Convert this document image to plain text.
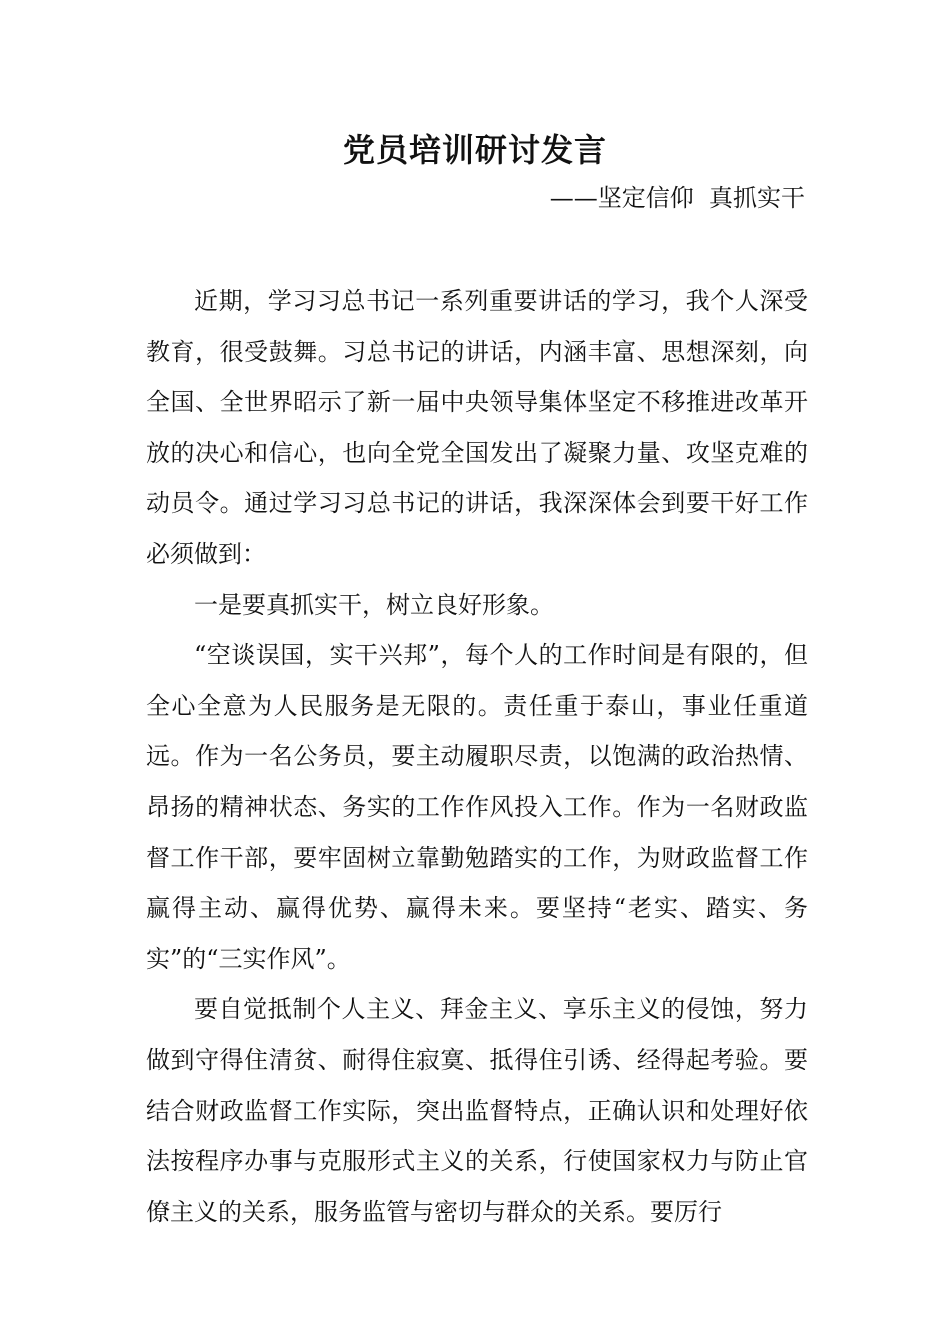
党员培训研讨发言
——坚定信仰  真抓实干

近期，学习习总书记一系列重要讲话的学习，我个人深受教育，很受鼓舞。习总书记的讲话，内涵丰富、思想深刻，向全国、全世界昭示了新一届中央领导集体坚定不移推进改革开放的决心和信心，也向全党全国发出了凝聚力量、攻坚克难的动员令。通过学习习总书记的讲话，我深深体会到要干好工作必须做到：

一是要真抓实干，树立良好形象。

“空谈误国，实干兴邦”，每个人的工作时间是有限的，但全心全意为人民服务是无限的。责任重于泰山，事业任重道远。作为一名公务员，要主动履职尽责，以饱满的政治热情、昂扬的精神状态、务实的工作作风投入工作。作为一名财政监督工作干部，要牢固树立靠勤勉踏实的工作，为财政监督工作赢得主动、赢得优势、赢得未来。要坚持“老实、踏实、务实”的“三实作风”。

要自觉抵制个人主义、拜金主义、享乐主义的侵蚀，努力做到守得住清贫、耐得住寂寞、抵得住引诱、经得起考验。要结合财政监督工作实际，突出监督特点，正确认识和处理好依法按程序办事与克服形式主义的关系，行使国家权力与防止官僚主义的关系，服务监管与密切与群众的关系。要厉行
